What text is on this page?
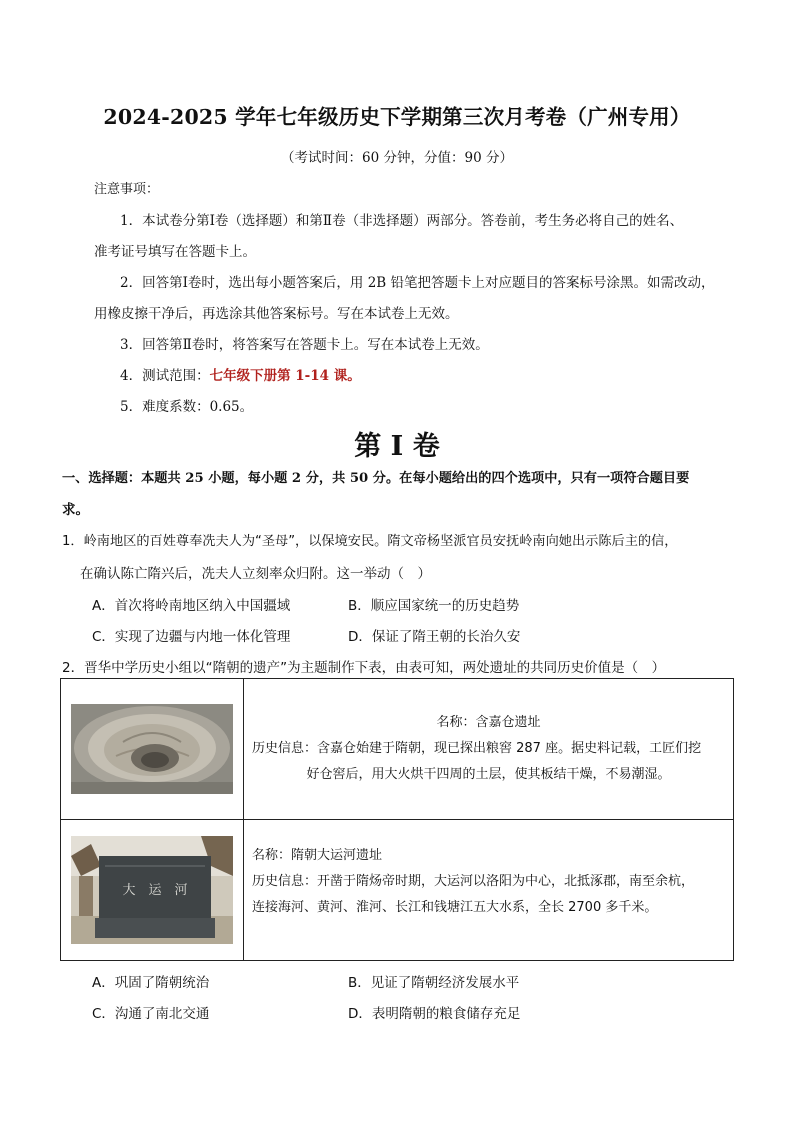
2024-2025 学年七年级历史下学期第三次月考卷（广州专用）
（考试时间：60 分钟，分值：90 分）
注意事项：
1．本试卷分第Ⅰ卷（选择题）和第Ⅱ卷（非选择题）两部分。答卷前，考生务必将自己的姓名、
准考证号填写在答题卡上。
2．回答第Ⅰ卷时，选出每小题答案后，用 2B 铅笔把答题卡上对应题目的答案标号涂黑。如需改动，
用橡皮擦干净后，再选涂其他答案标号。写在本试卷上无效。
3．回答第Ⅱ卷时，将答案写在答题卡上。写在本试卷上无效。
4．测试范围：七年级下册第 1-14 课。
5．难度系数：0.65。
第 I 卷
一、选择题：本题共 25 小题，每小题 2 分，共 50 分。在每小题给出的四个选项中，只有一项符合题目要
求。
1．岭南地区的百姓尊奉冼夫人为“圣母”，以保境安民。隋文帝杨坚派官员安抚岭南向她出示陈后主的信，
在确认陈亡隋兴后，冼夫人立刻率众归附。这一举动（　）
A．首次将岭南地区纳入中国疆域	B．顺应国家统一的历史趋势
C．实现了边疆与内地一体化管理	D．保证了隋王朝的长治久安
2．晋华中学历史小组以“隋朝的遗产”为主题制作下表，由表可知，两处遗址的共同历史价值是（　）

名称：含嘉仓遗址
历史信息：含嘉仓始建于隋朝，现已探出粮窖 287 座。据史料记载，工匠们挖
好仓窖后，用大火烘干四周的土层，使其板结干燥，不易潮湿。

大　运　河	名称：隋朝大运河遗址
历史信息：开凿于隋炀帝时期，大运河以洛阳为中心，北抵涿郡，南至余杭，
连接海河、黄河、淮河、长江和钱塘江五大水系，全长 2700 多千米。
A．巩固了隋朝统治	B．见证了隋朝经济发展水平
C．沟通了南北交通	D．表明隋朝的粮食储存充足
